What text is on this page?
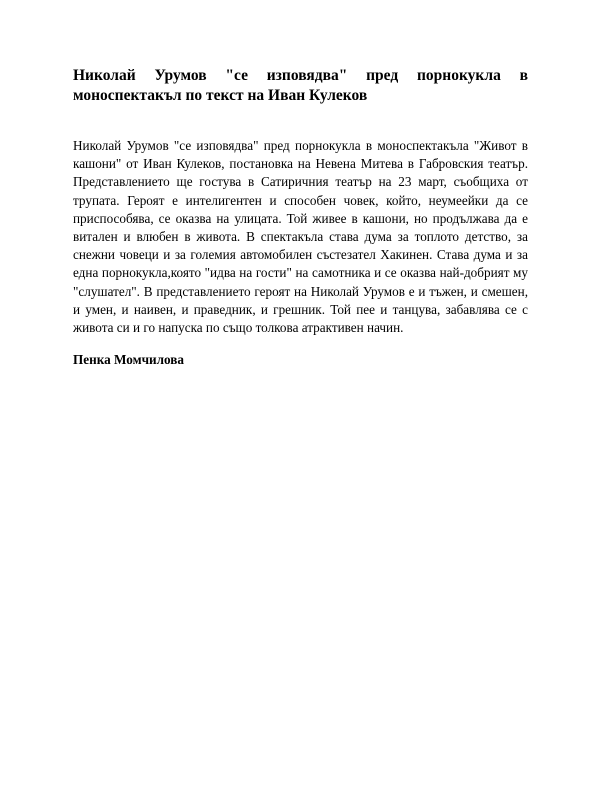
Николай Урумов "се изповядва" пред порнокукла в моноспектакъл по текст на Иван Кулеков

Николай Урумов "се изповядва" пред порнокукла в моноспектакъла "Живот в кашони" от Иван Кулеков, постановка на Невена Митева в Габровския театър. Представлението ще гостува в Сатиричния театър на 23 март, съобщиха от трупата. Героят е интелигентен и способен човек, който, неумеейки да се приспособява, се оказва на улицата. Той живее в кашони, но продължава да е витален и влюбен в живота. В спектакъла става дума за топлото детство, за снежни човеци и за големия автомобилен състезател Хакинен. Става дума и за една порнокукла,която "идва на гости" на самотника и се оказва най-добрият му "слушател". В представлението героят на Николай Урумов е и тъжен, и смешен, и умен, и наивен, и праведник, и грешник. Той пее и танцува, забавлява се с живота си и го напуска по също толкова атрактивен начин.

Пенка Момчилова
